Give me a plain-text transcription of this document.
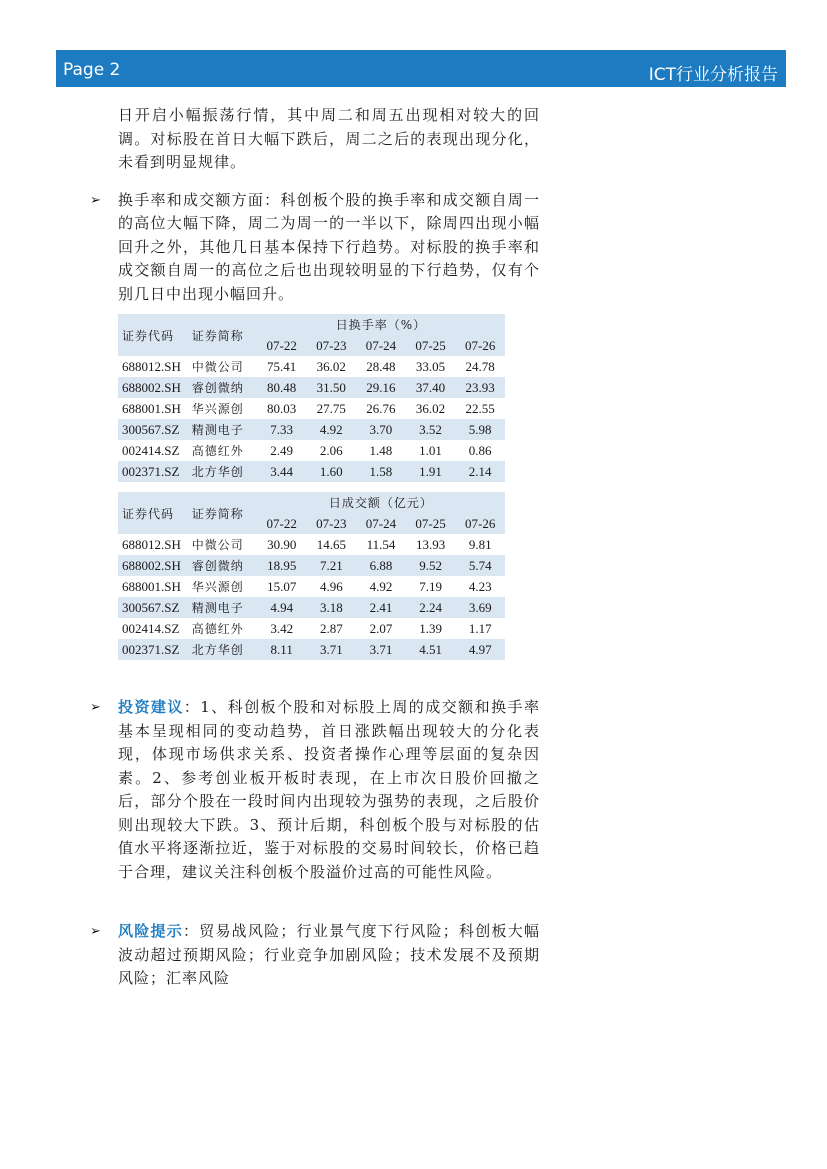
Page 2	ICT行业分析报告

日开启小幅振荡行情，其中周二和周五出现相对较大的回调。对标股在首日大幅下跌后，周二之后的表现出现分化，未看到明显规律。

➢ 换手率和成交额方面：科创板个股的换手率和成交额自周一的高位大幅下降，周二为周一的一半以下，除周四出现小幅回升之外，其他几日基本保持下行趋势。对标股的换手率和成交额自周一的高位之后也出现较明显的下行趋势，仅有个别几日中出现小幅回升。

证券代码	证券简称	日换手率（%）				
		07-22	07-23	07-24	07-25	07-26
688012.SH	中微公司	75.41	36.02	28.48	33.05	24.78
688002.SH	睿创微纳	80.48	31.50	29.16	37.40	23.93
688001.SH	华兴源创	80.03	27.75	26.76	36.02	22.55
300567.SZ	精测电子	7.33	4.92	3.70	3.52	5.98
002414.SZ	高德红外	2.49	2.06	1.48	1.01	0.86
002371.SZ	北方华创	3.44	1.60	1.58	1.91	2.14
证券代码	证券简称	日成交额（亿元）				
		07-22	07-23	07-24	07-25	07-26
688012.SH	中微公司	30.90	14.65	11.54	13.93	9.81
688002.SH	睿创微纳	18.95	7.21	6.88	9.52	5.74
688001.SH	华兴源创	15.07	4.96	4.92	7.19	4.23
300567.SZ	精测电子	4.94	3.18	2.41	2.24	3.69
002414.SZ	高德红外	3.42	2.87	2.07	1.39	1.17
002371.SZ	北方华创	8.11	3.71	3.71	4.51	4.97
➢ 投资建议：1、科创板个股和对标股上周的成交额和换手率基本呈现相同的变动趋势，首日涨跌幅出现较大的分化表现，体现市场供求关系、投资者操作心理等层面的复杂因素。2、参考创业板开板时表现，在上市次日股价回撤之后，部分个股在一段时间内出现较为强势的表现，之后股价则出现较大下跌。3、预计后期，科创板个股与对标股的估值水平将逐渐拉近，鉴于对标股的交易时间较长，价格已趋于合理，建议关注科创板个股溢价过高的可能性风险。

➢ 风险提示：贸易战风险；行业景气度下行风险；科创板大幅波动超过预期风险；行业竞争加剧风险；技术发展不及预期风险；汇率风险
